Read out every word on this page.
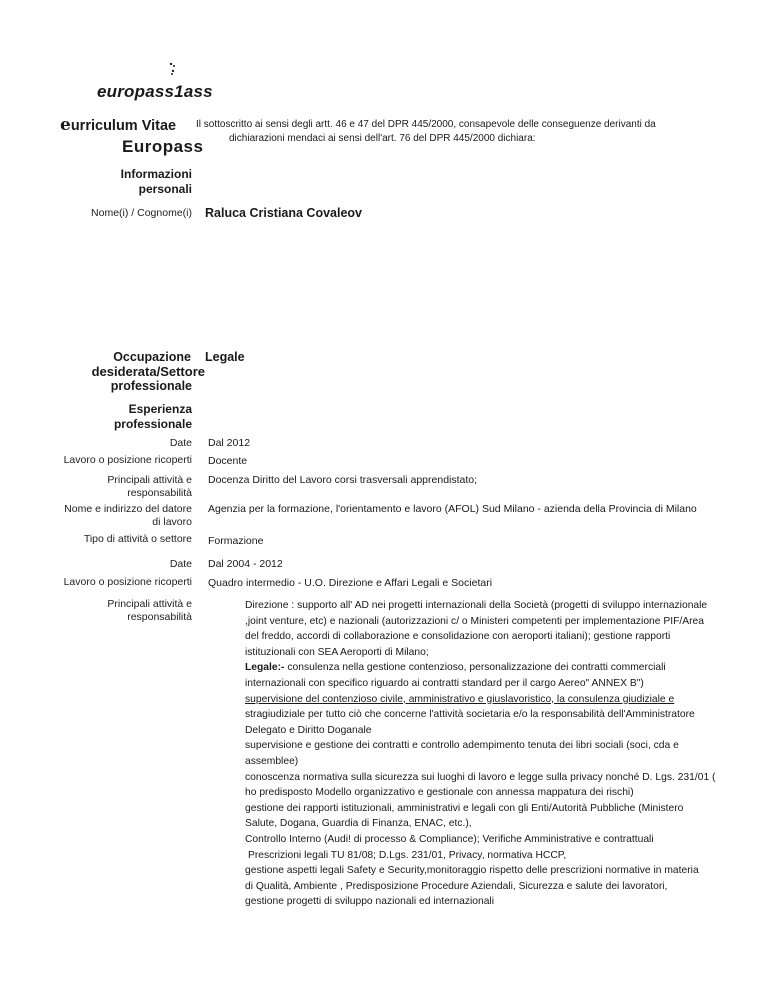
europass1ass
eurriculum Vitae
Europass
Il sottoscritto ai sensi degli artt. 46 e 47 del DPR 445/2000, consapevole delle conseguenze derivanti da
dichiarazioni mendaci ai sensi dell'art. 76 del DPR 445/2000 dichiara:
Informazioni
personali
Nome(i) / Cognome(i) Raluca Cristiana Covaleov
Occupazione
desiderata/Settore
professionale
Legale
Esperienza
professionale
Date Dal 2012
Lavoro o posizione ricoperti Docente
Principali attività e
responsabilità
Docenza Diritto del Lavoro corsi trasversali apprendistato;
Nome e indirizzo del datore
di lavoro
Agenzia per la formazione, l'orientamento e lavoro (AFOL) Sud Milano - azienda della Provincia di Milano
Tipo di attività o settore Formazione
Date Dal 2004 - 2012
Lavoro o posizione ricoperti Quadro intermedio - U.O. Direzione e Affari Legali e Societari
Principali attività e
responsabilità
Direzione : supporto all' AD nei progetti internazionali della Società (progetti di sviluppo internazionale
,joint venture, etc) e nazionali (autorizzazioni c/ o Ministeri competenti per implementazione PIF/Area
del freddo, accordi di collaborazione e consolidazione con aeroporti italiani); gestione rapporti
istituzionali con SEA Aeroporti di Milano;
Legale:- consulenza nella gestione contenzioso, personalizzazione dei contratti commerciali
internazionali con specifico riguardo ai contratti standard per il cargo Aereo" ANNEX B")
supervisione del contenzioso civile, amministrativo e giuslavoristico, la consulenza giudiziale e
stragiudiziale per tutto ciò che concerne l'attività societaria e/o la responsabilità dell'Amministratore
Delegato e Diritto Doganale
supervisione e gestione dei contratti e controllo adempimento tenuta dei libri sociali (soci, cda e
assemblee)
conoscenza normativa sulla sicurezza sui luoghi di lavoro e legge sulla privacy nonché D. Lgs. 231/01 (
ho predisposto Modello organizzativo e gestionale con annessa mappatura dei rischi)
gestione dei rapporti istituzionali, amministrativi e legali con gli Enti/Autorità Pubbliche (Ministero
Salute, Dogana, Guardia di Finanza, ENAC, etc.),
Controllo Interno (Audi! di processo & Compliance); Verifiche Amministrative e contrattuali
Prescrizioni legali TU 81/08; D.Lgs. 231/01, Privacy, normativa HCCP,
gestione aspetti legali Safety e Security,monitoraggio rispetto delle prescrizioni normative in materia
di Qualità, Ambiente , Predisposizione Procedure Aziendali, Sicurezza e salute dei lavoratori,
gestione progetti di sviluppo nazionali ed internazionali
